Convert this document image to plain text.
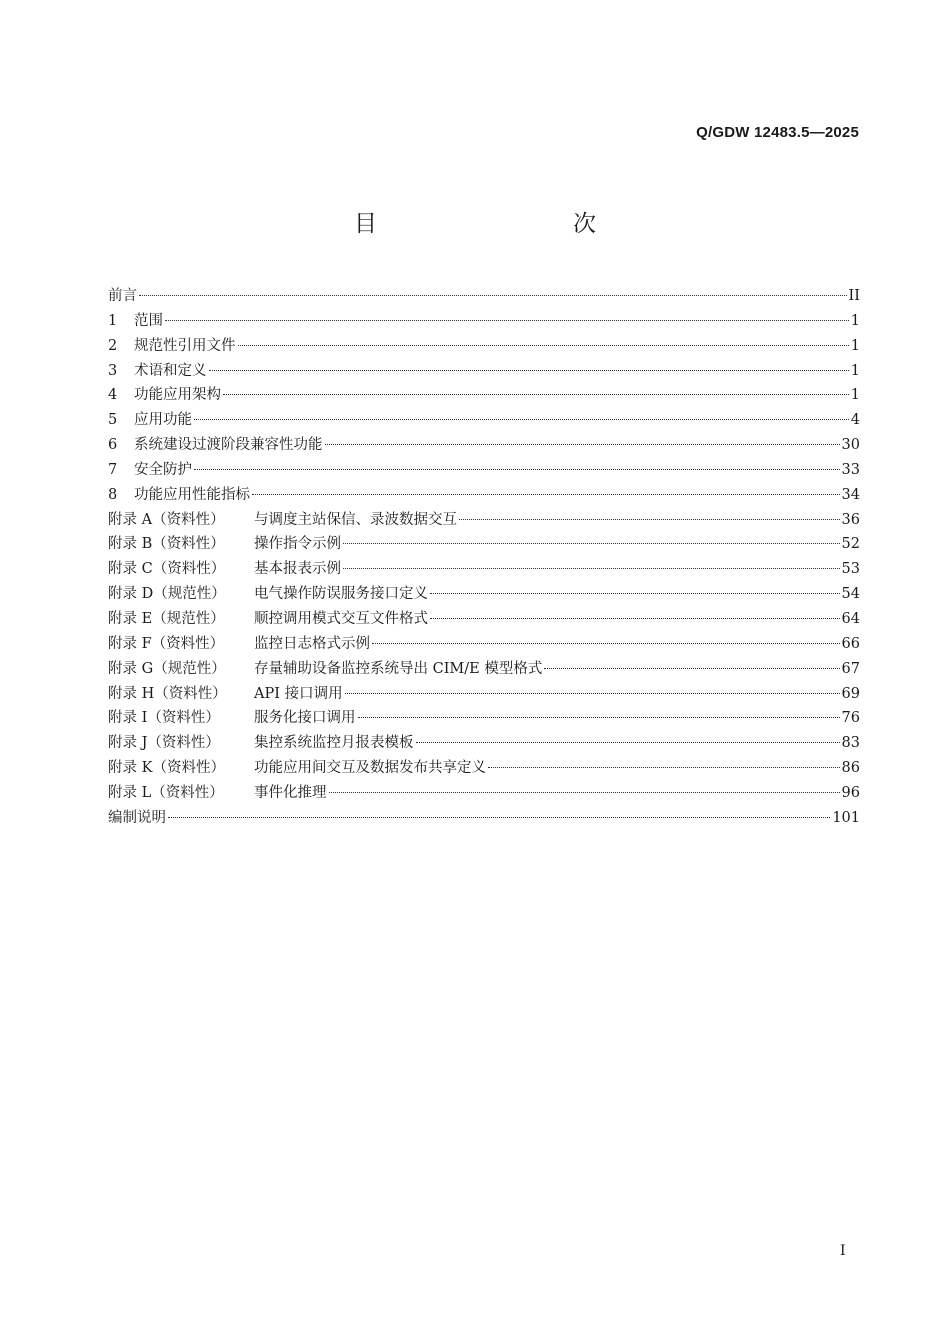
Q/GDW 12483.5—2025
目　　次
前言	II
1	范围	1
2	规范性引用文件	1
3	术语和定义	1
4	功能应用架构	1
5	应用功能	4
6	系统建设过渡阶段兼容性功能	30
7	安全防护	33
8	功能应用性能指标	34
附录 A（资料性）	与调度主站保信、录波数据交互	36
附录 B（资料性）	操作指令示例	52
附录 C（资料性）	基本报表示例	53
附录 D（规范性）	电气操作防误服务接口定义	54
附录 E（规范性）	顺控调用模式交互文件格式	64
附录 F（资料性）	监控日志格式示例	66
附录 G（规范性）	存量辅助设备监控系统导出 CIM/E 模型格式	67
附录 H（资料性）	API 接口调用	69
附录 I（资料性）	服务化接口调用	76
附录 J（资料性）	集控系统监控月报表模板	83
附录 K（资料性）	功能应用间交互及数据发布共享定义	86
附录 L（资料性）	事件化推理	96
编制说明	101
I
